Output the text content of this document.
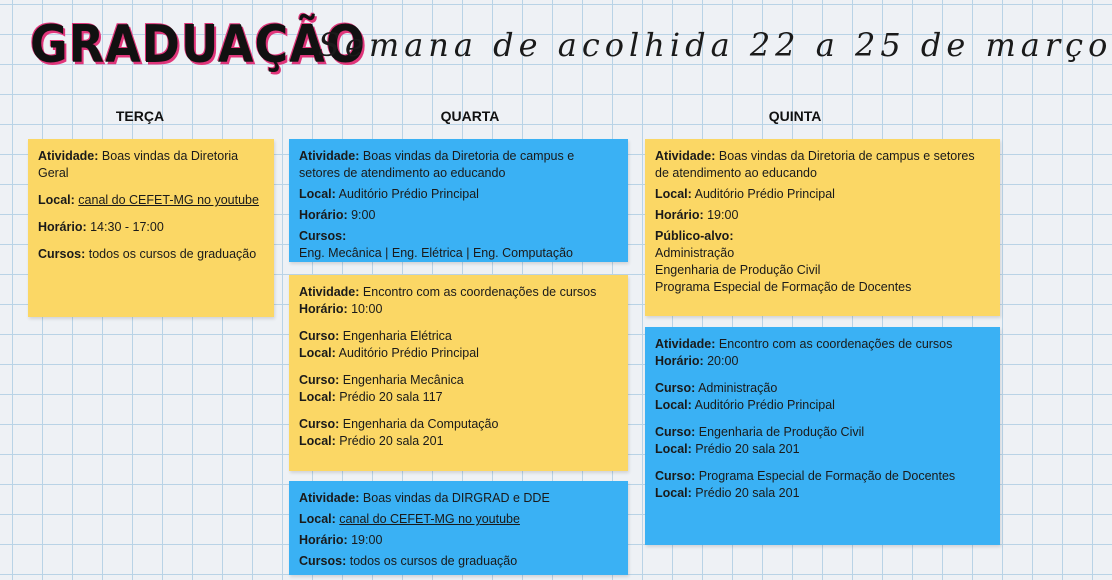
GRADUAÇÃO
Semana de acolhida 22 a 25 de março
TERÇA	QUARTA	QUINTA

Atividade: Boas vindas da Diretoria Geral

Local: canal do CEFET-MG no youtube

Horário: 14:30 - 17:00

Cursos: todos os cursos de graduação

Atividade: Boas vindas da Diretoria de campus e setores de atendimento ao educando

Local: Auditório Prédio Principal

Horário: 9:00

Cursos:

Eng. Mecânica | Eng. Elétrica | Eng. Computação

Atividade: Encontro com as coordenações de cursos

Horário: 10:00

Curso: Engenharia Elétrica

Local: Auditório Prédio Principal

Curso: Engenharia Mecânica

Local: Prédio 20 sala 117

Curso: Engenharia da Computação

Local: Prédio 20 sala 201

Atividade: Boas vindas da DIRGRAD e DDE

Local: canal do CEFET-MG no youtube

Horário: 19:00

Cursos: todos os cursos de graduação

Atividade: Boas vindas da Diretoria de campus e setores de atendimento ao educando

Local: Auditório Prédio Principal

Horário: 19:00

Público-alvo:

Administração

Engenharia de Produção Civil

Programa Especial de Formação de Docentes

Atividade: Encontro com as coordenações de cursos

Horário: 20:00

Curso: Administração

Local: Auditório Prédio Principal

Curso: Engenharia de Produção Civil

Local: Prédio 20 sala 201

Curso: Programa Especial de Formação de Docentes

Local: Prédio 20 sala 201
